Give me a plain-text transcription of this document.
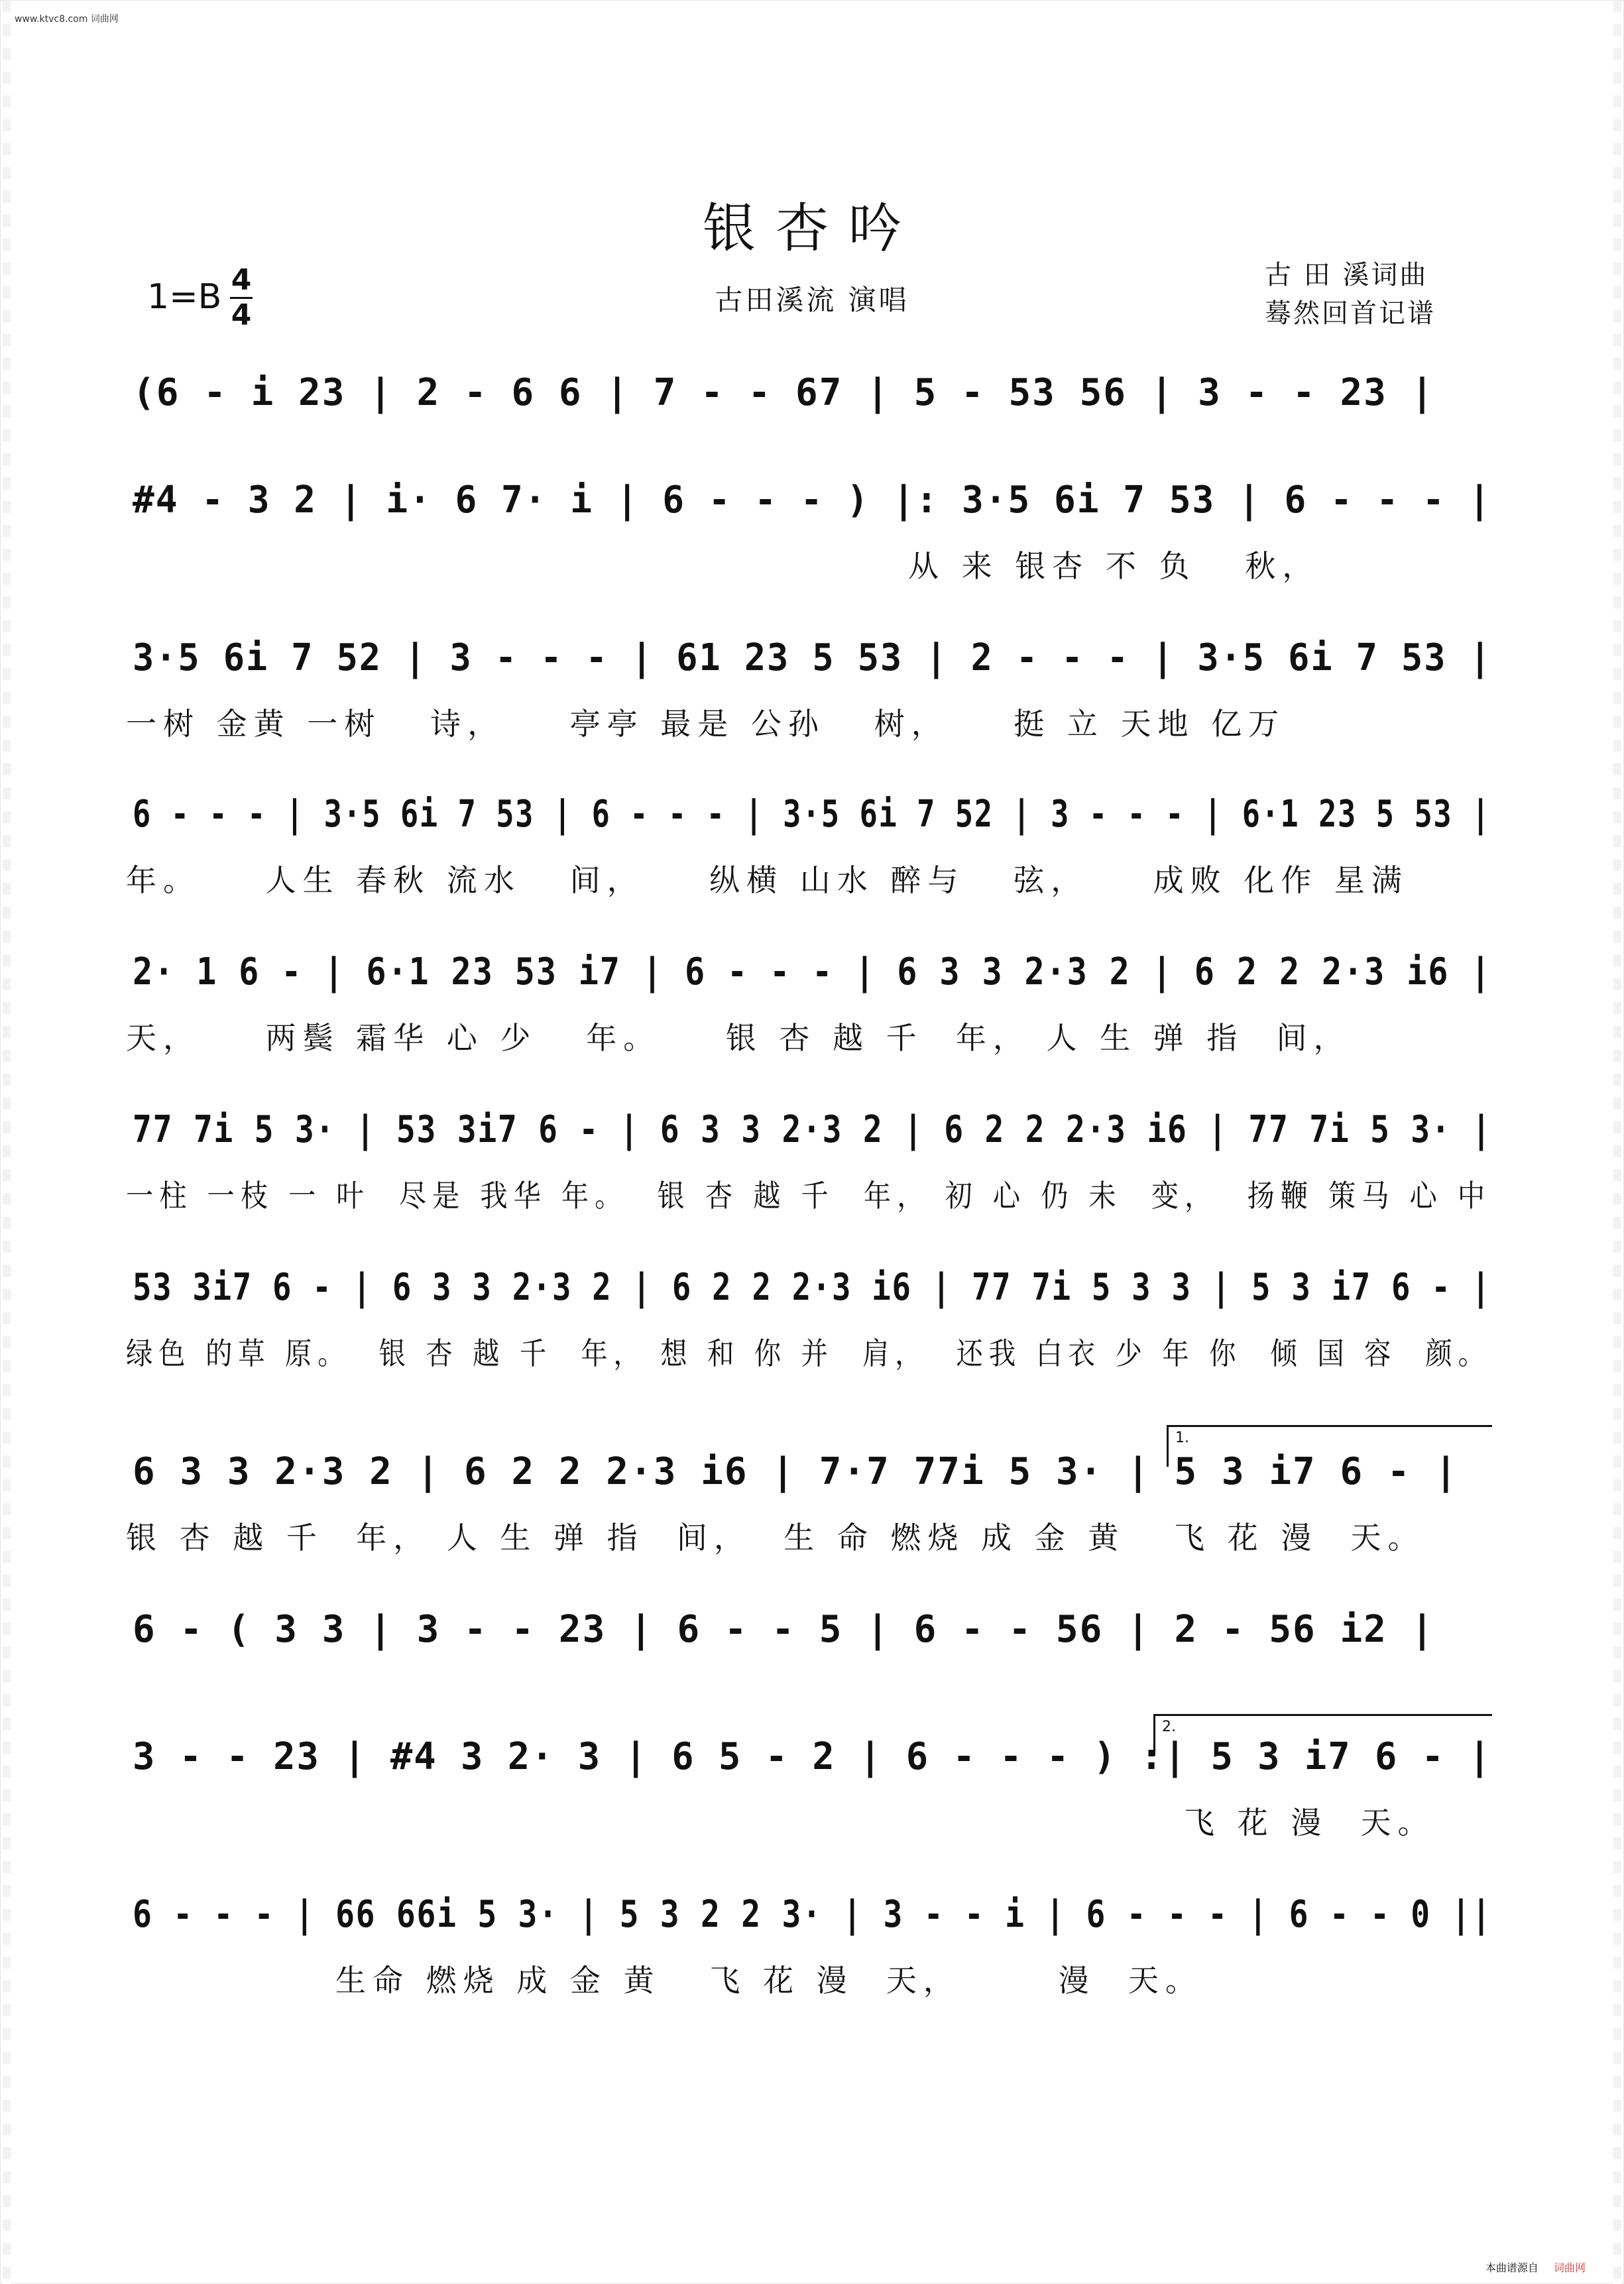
www.ktvc8.com 词曲网
银杏吟
1=B 4
4	古田溪流 演唱
古 田 溪词曲
蓦然回首记谱
(6 - i 23 | 2 - 6 6 | 7 - - 67 | 5 - 53 56 | 3 - - 23 |
#4 - 3 2 | i· 6 7· i | 6 - - - ) |: 3·5 6i 7 53 | 6 - - - |
从 来 银杏 不 负   秋，
3·5 6i 7 52 | 3 - - - | 61 23 5 53 | 2 - - - | 3·5 6i 7 53 |
一树 金黄 一树   诗，    亭亭 最是 公孙   树，    挺 立 天地 亿万
6 - - - | 3·5 6i 7 53 | 6 - - - | 3·5 6i 7 52 | 3 - - - | 6·1 23 5 53 |
年。    人生 春秋 流水   间，    纵横 山水 醉与   弦，    成败 化作 星满
2· 1 6 - | 6·1 23 53 i7 | 6 - - - | 6 3 3 2·3 2 | 6 2 2 2·3 i6 |
天，    两鬓 霜华 心 少   年。    银 杏 越 千  年， 人 生 弹 指  间，
77 7i 5 3· | 53 3i7 6 - | 6 3 3 2·3 2 | 6 2 2 2·3 i6 | 77 7i 5 3· |
一柱 一枝 一 叶  尽是 我华 年。  银 杏 越 千  年， 初 心 仍 未  变，  扬鞭 策马 心 中
53 3i7 6 - | 6 3 3 2·3 2 | 6 2 2 2·3 i6 | 77 7i 5 3 3 | 5 3 i7 6 - |
绿色 的草 原。  银 杏 越 千  年， 想 和 你 并  肩，  还我 白衣 少 年 你  倾 国 容  颜。
1.
6 3 3 2·3 2 | 6 2 2 2·3 i6 | 7·7 77i 5 3· | 5 3 i7 6 - |
银 杏 越 千  年， 人 生 弹 指  间，  生 命 燃烧 成 金 黄   飞 花 漫  天。
6 - ( 3 3 | 3 - - 23 | 6 - - 5 | 6 - - 56 | 2 - 56 i2 |
2.
3 - - 23 | #4 3 2· 3 | 6 5 - 2 | 6 - - - ) :| 5 3 i7 6 - |
飞 花 漫  天。
6 - - - | 66 66i 5 3· | 5 3 2 2 3· | 3 - - i | 6 - - - | 6 - - 0 ||
生命 燃烧 成 金 黄   飞 花 漫  天，      漫  天。
本曲谱源自 词曲网
